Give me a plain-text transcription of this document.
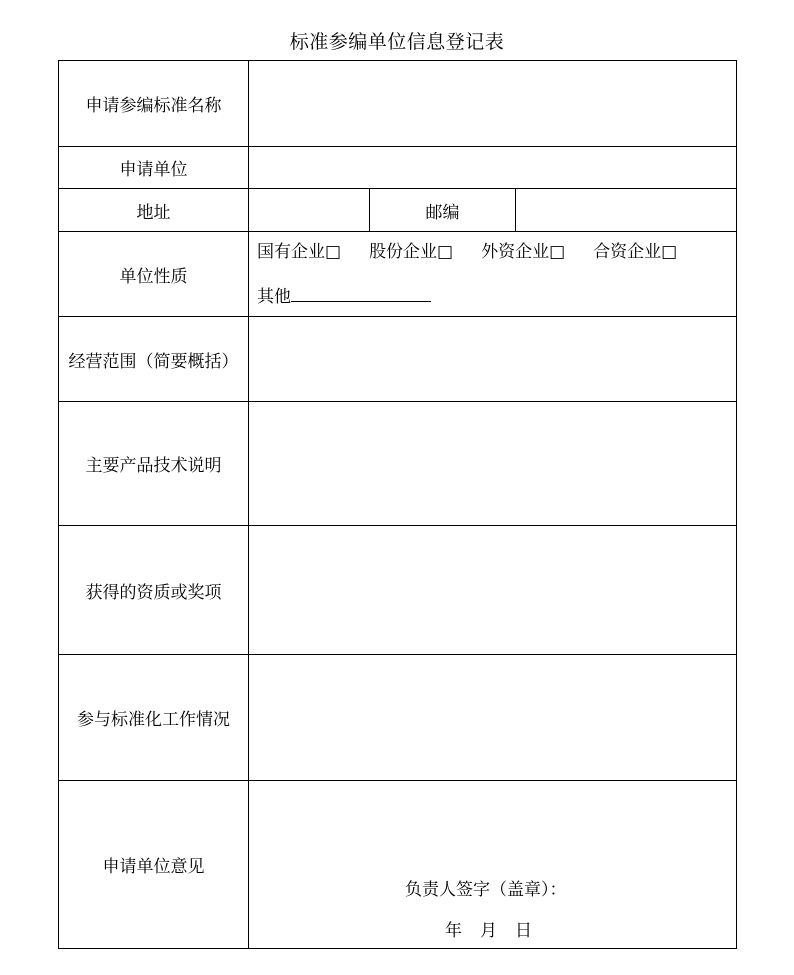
标准参编单位信息登记表
申请参编标准名称			
申请单位			
地址		邮编	
单位性质	国有企业□ 股份企业□ 外资企业□ 合资企业□
其他		

经营范围（简要概括）			
主要产品技术说明			
获得的资质或奖项			
参与标准化工作情况			
申请单位意见	负责人签字（盖章）：
年 月 日		
